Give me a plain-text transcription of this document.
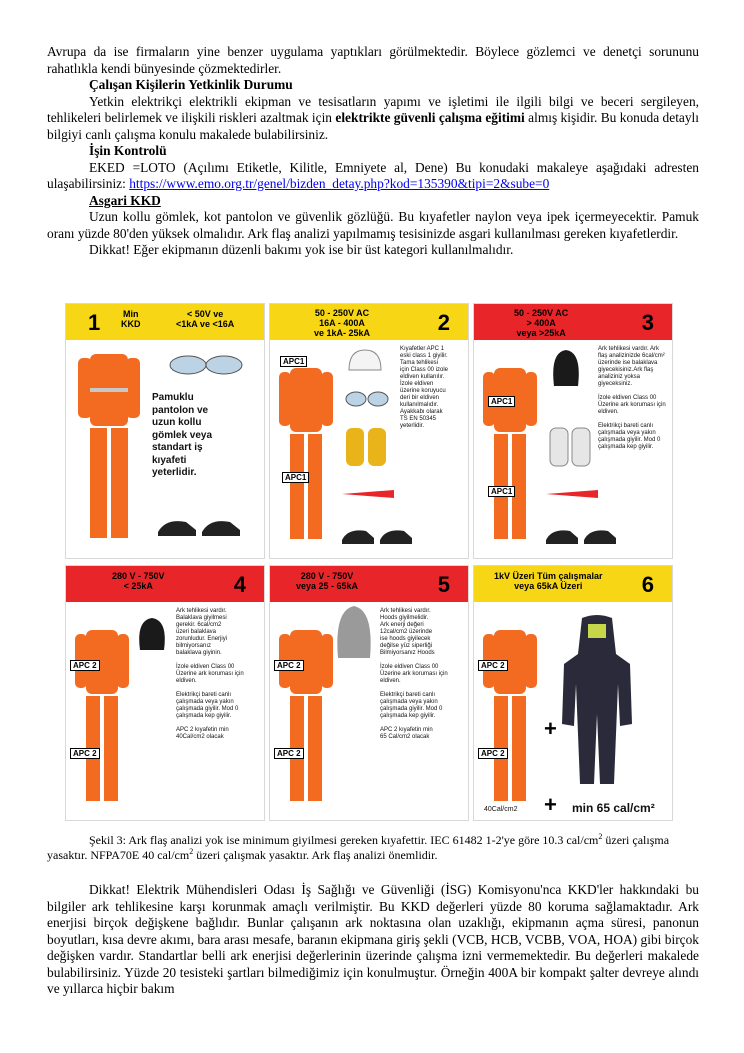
Avrupa da ise firmaların yine benzer uygulama yaptıkları görülmektedir. Böylece gözlemci ve denetçi sorununu rahatlıkla kendi bünyesinde çözmektedirler.

Çalışan Kişilerin Yetkinlik Durumu

Yetkin elektrikçi elektrikli ekipman ve tesisatların yapımı ve işletimi ile ilgili bilgi ve beceri sergileyen, tehlikeleri belirlemek ve ilişkili riskleri azaltmak için elektrikte güvenli çalışma eğitimi almış kişidir. Bu konuda detaylı bilgiyi canlı çalışma konulu makalede bulabilirsiniz.

İşin Kontrolü

EKED =LOTO (Açılımı Etiketle, Kilitle, Emniyete al, Dene) Bu konudaki makaleye aşağıdaki adresten ulaşabilirsiniz: https://www.emo.org.tr/genel/bizden_detay.php?kod=135390&tipi=2&sube=0

Asgari KKD

Uzun kollu gömlek, kot pantolon ve güvenlik gözlüğü. Bu kıyafetler naylon veya ipek içermeyecektir. Pamuk oranı yüzde 80'den yüksek olmalıdır. Ark flaş analizi yapılmamış tesisinizde asgari kullanılması gereken kıyafetlerdir.

Dikkat! Eğer ekipmanın düzenli bakımı yok ise bir üst kategori kullanılmalıdır.

1	Min
KKD
< 50V ve
<1kA ve <16A
Pamuklu
pantolon ve
uzun kollu
gömlek veya
standart iş
kıyafeti
yeterlidir.
50 - 250V AC
16A - 400A
ve 1kA- 25kA	2
APC1
APC1
Kıyafetler APC 1
eski class 1 giyilir.
Tama tehlikesi
için Class 00 izole
eldiven kullanılır.
İzole eldiven
üzerine koruyucu
deri bir eldiven
kullanılmalıdır.
Ayakkabı olarak
TS EN 50345
yeterlidir.
50 - 250V AC
> 400A
veya >25kA	3
APC1
APC1
Ark tehlikesi vardır. Ark
flaş analizinizde 6cal/cm²
üzerinde ise balaklava
giyecekisiniz.Ark flaş
analiziniz yoksa
giyeceksiniz.

İzole eldiven Class 00
Üzerine ark koruması için
eldiven.

Elektrikçi bareti canlı
çalışmada veya yakın
çalışmada giyilir. Mod 0
çalışmada kep giyilir.
280 V - 750V
< 25kA	4
APC 2
APC 2
Ark tehlikesi vardır.
Balaklava giyilmesi
gerekir. 6cal/cm2
üzeri balaklava
zorunludur. Enerjiyi
bilmiyorsanız
balaklava giyinin.

İzole eldiven Class 00
Üzerine ark koruması için
eldiven.

Elektrikçi bareti canlı
çalışmada veya yakın
çalışmada giyilir. Mod 0
çalışmada kep giyilir.

APC 2 kıyafetin min
40Cal/cm2 olacak
280 V - 750V
veya 25 - 65kA	5
APC 2
APC 2
Ark tehlikesi vardır.
Hoods giyilmelidir.
Ark enerji değeri
12cal/cm2 üzerinde
ise hoods giyilecek
değilse yüz siperliği
Bilmiyorsanız Hoods

İzole eldiven Class 00
Üzerine ark koruması için
eldiven.

Elektrikçi bareti canlı
çalışmada veya yakın
çalışmada giyilir. Mod 0
çalışmada kep giyilir.

APC 2 kıyafetin min
65 Cal/cm2 olacak
1kV Üzeri Tüm çalışmalar
veya 65kA Üzeri	6
APC 2
APC 2
+
+
40Cal/cm2	min 65 cal/cm²
Şekil 3: Ark flaş analizi yok ise minimum giyilmesi gereken kıyafettir. IEC 61482 1-2'ye göre 10.3 cal/$cm^2$ üzeri çalışma yasaktır. NFPA70E 40 cal/$cm^2$ üzeri çalışmak yasaktır. Ark flaş analizi önemlidir.

Dikkat! Elektrik Mühendisleri Odası İş Sağlığı ve Güvenliği (İSG) Komisyonu'nca KKD'ler hakkındaki bu bilgiler ark tehlikesine karşı korunmak amaçlı verilmiştir. Bu KKD değerleri yüzde 80 koruma sağlamaktadır. Ark enerjisi birçok değişkene bağlıdır. Bunlar çalışanın ark noktasına olan uzaklığı, ekipmanın açma süresi, panonun boyutları, kısa devre akımı, bara arası mesafe, baranın ekipmana giriş şekli (VCB, HCB, VCBB, VOA, HOA) gibi birçok değişken vardır. Standartlar belli ark enerjisi değerlerinin üzerinde çalışma izni vermemektedir. Bu değerleri makalede bulabilirsiniz. Yüzde 20 tesisteki şartları bilmediğimiz için konulmuştur. Örneğin 400A bir kompakt şalter devreye alındı ve yıllarca hiçbir bakım
